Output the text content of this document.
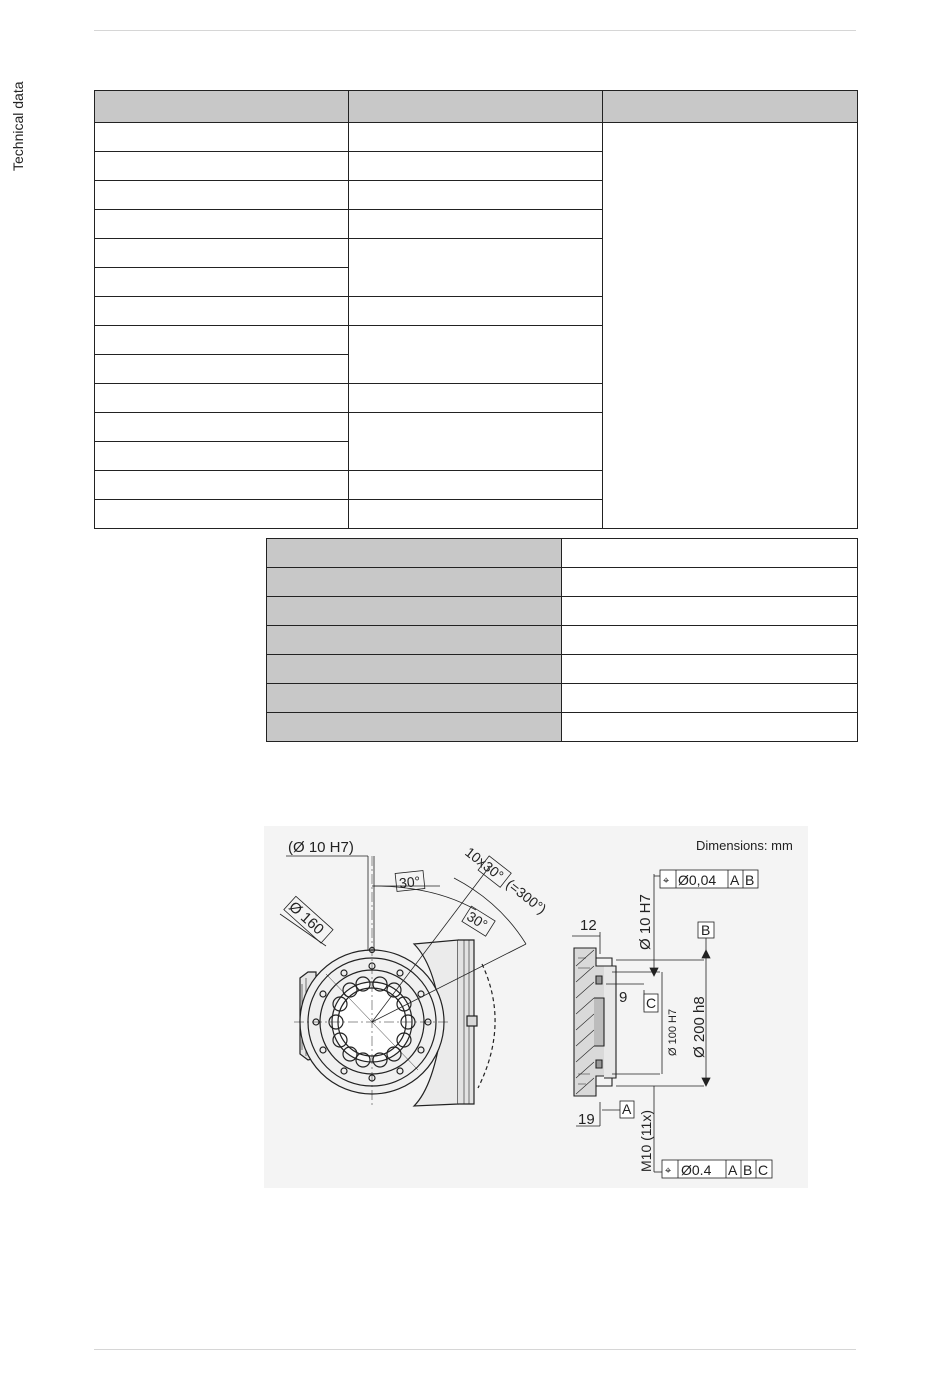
Technical data

(Ø 10 H7)
30°
10x
30°
(=300°)
30°
Ø 160
⌖ Ø0,04 A B
Dimensions: mm
Ø 10 H7
12	B
9 C
Ø 100 H7 Ø 200 h8
19
A
M10 (11x) ⌖ Ø0.4 A B C
